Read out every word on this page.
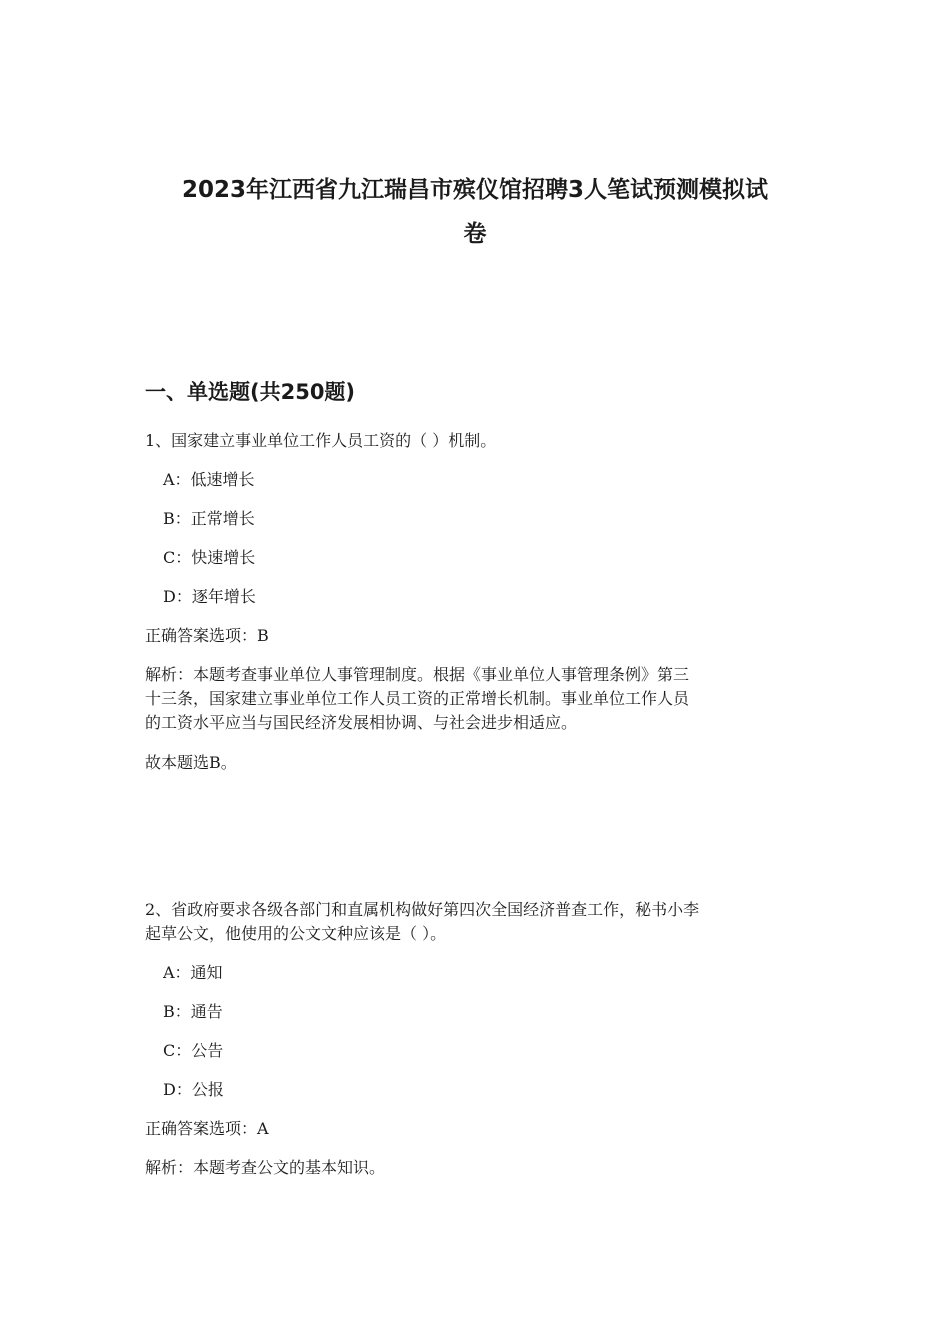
2023年江西省九江瑞昌市殡仪馆招聘3人笔试预测模拟试
卷
一、单选题(共250题)

1、国家建立事业单位工作人员工资的（ ）机制。

A：低速增长

B：正常增长

C：快速增长

D：逐年增长

正确答案选项：B

解析：本题考查事业单位人事管理制度。根据《事业单位人事管理条例》第三

十三条，国家建立事业单位工作人员工资的正常增长机制。事业单位工作人员

的工资水平应当与国民经济发展相协调、与社会进步相适应。

故本题选B。

2、省政府要求各级各部门和直属机构做好第四次全国经济普查工作，秘书小李

起草公文，他使用的公文文种应该是（ ）。

A：通知

B：通告

C：公告

D：公报

正确答案选项：A

解析：本题考查公文的基本知识。
